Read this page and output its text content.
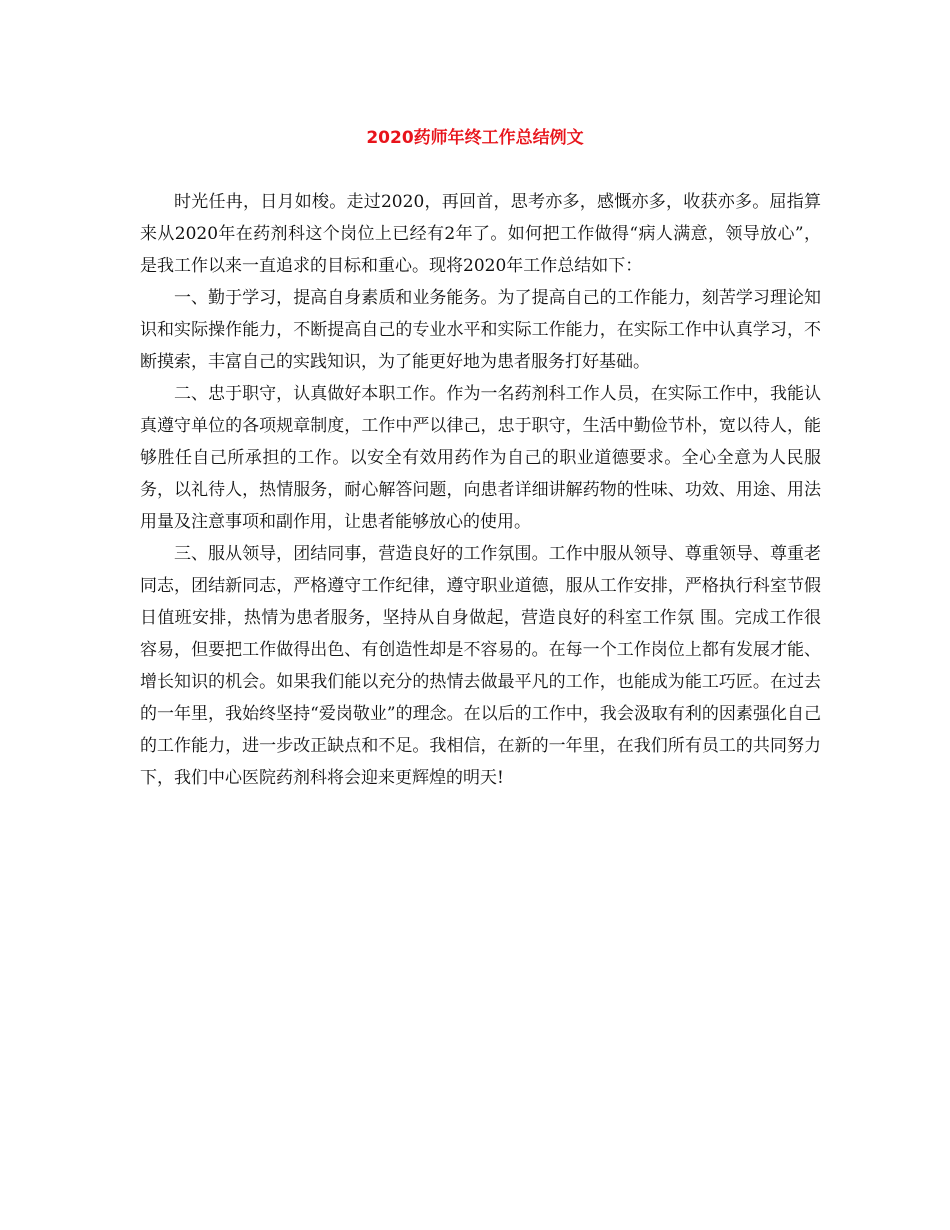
2020药师年终工作总结例文

时光任冉，日月如梭。走过2020，再回首，思考亦多，感慨亦多，收获亦多。屈指算来从2020年在药剂科这个岗位上已经有2年了。如何把工作做得“病人满意，领导放心”，是我工作以来一直追求的目标和重心。现将2020年工作总结如下：

一、勤于学习，提高自身素质和业务能务。为了提高自己的工作能力，刻苦学习理论知识和实际操作能力，不断提高自己的专业水平和实际工作能力，在实际工作中认真学习，不断摸索，丰富自己的实践知识，为了能更好地为患者服务打好基础。

二、忠于职守，认真做好本职工作。作为一名药剂科工作人员，在实际工作中，我能认真遵守单位的各项规章制度，工作中严以律己，忠于职守，生活中勤俭节朴，宽以待人，能够胜任自己所承担的工作。以安全有效用药作为自己的职业道德要求。全心全意为人民服务，以礼待人，热情服务，耐心解答问题，向患者详细讲解药物的性味、功效、用途、用法用量及注意事项和副作用，让患者能够放心的使用。

三、服从领导，团结同事，营造良好的工作氛围。工作中服从领导、尊重领导、尊重老同志，团结新同志，严格遵守工作纪律，遵守职业道德，服从工作安排，严格执行科室节假日值班安排，热情为患者服务，坚持从自身做起，营造良好的科室工作氛 围。完成工作很容易，但要把工作做得出色、有创造性却是不容易的。在每一个工作岗位上都有发展才能、增长知识的机会。如果我们能以充分的热情去做最平凡的工作，也能成为能工巧匠。在过去的一年里，我始终坚持“爱岗敬业”的理念。在以后的工作中，我会汲取有利的因素强化自己的工作能力，进一步改正缺点和不足。我相信，在新的一年里，在我们所有员工的共同努力下，我们中心医院药剂科将会迎来更辉煌的明天!
